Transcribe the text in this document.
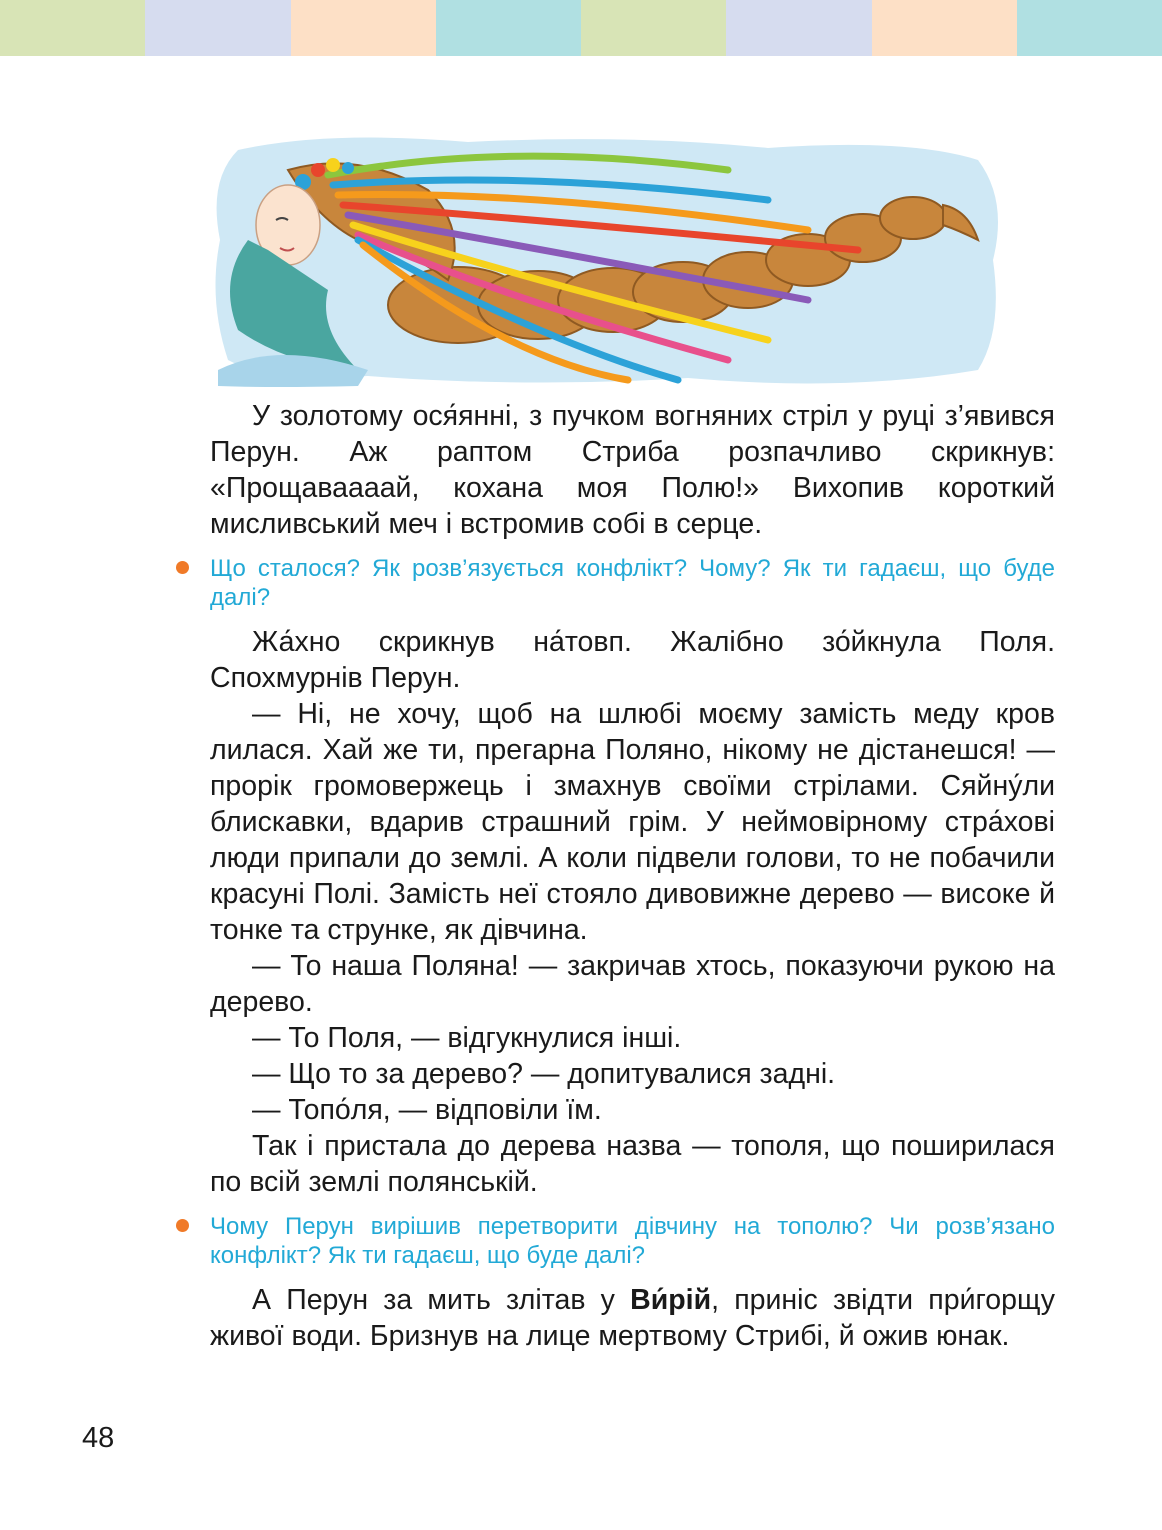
У золотому ося́янні, з пучком вогняних стріл у руці з’явився Перун. Аж раптом Стриба розпачливо скрикнув: «Прощаваааай, кохана моя Полю!» Вихопив короткий мисливський меч і встромив собі в серце.

Що сталося? Як розв’язується конфлікт? Чому? Як ти гадаєш, що буде далі?

Жа́хно скрикнув на́товп. Жалібно зо́йкнула Поля. Спохмурнів Перун.

— Ні, не хочу, щоб на шлюбі моєму замість меду кров лилася. Хай же ти, прегарна Поляно, нікому не дістанешся! — прорік громовержець і змахнув своїми стрілами. Сяйну́ли блискавки, вдарив страшний грім. У неймовірному стра́хові люди припали до землі. А коли підвели голови, то не побачили красуні Полі. Замість неї стояло дивовижне дерево — високе й тонке та струнке, як дівчина.

— То наша Поляна! — закричав хтось, показуючи рукою на дерево.

— То Поля, — відгукнулися інші.

— Що то за дерево? — допитувалися задні.

— Топо́ля, — відповіли їм.

Так і пристала до дерева назва — тополя, що поширилася по всій землі полянській.

Чому Перун вирішив перетворити дівчину на тополю? Чи розв’язано конфлікт? Як ти гадаєш, що буде далі?

А Перун за мить злітав у Ви́рій, приніс звідти при́горщу живої води. Бризнув на лице мертвому Стрибі, й ожив юнак.

48
